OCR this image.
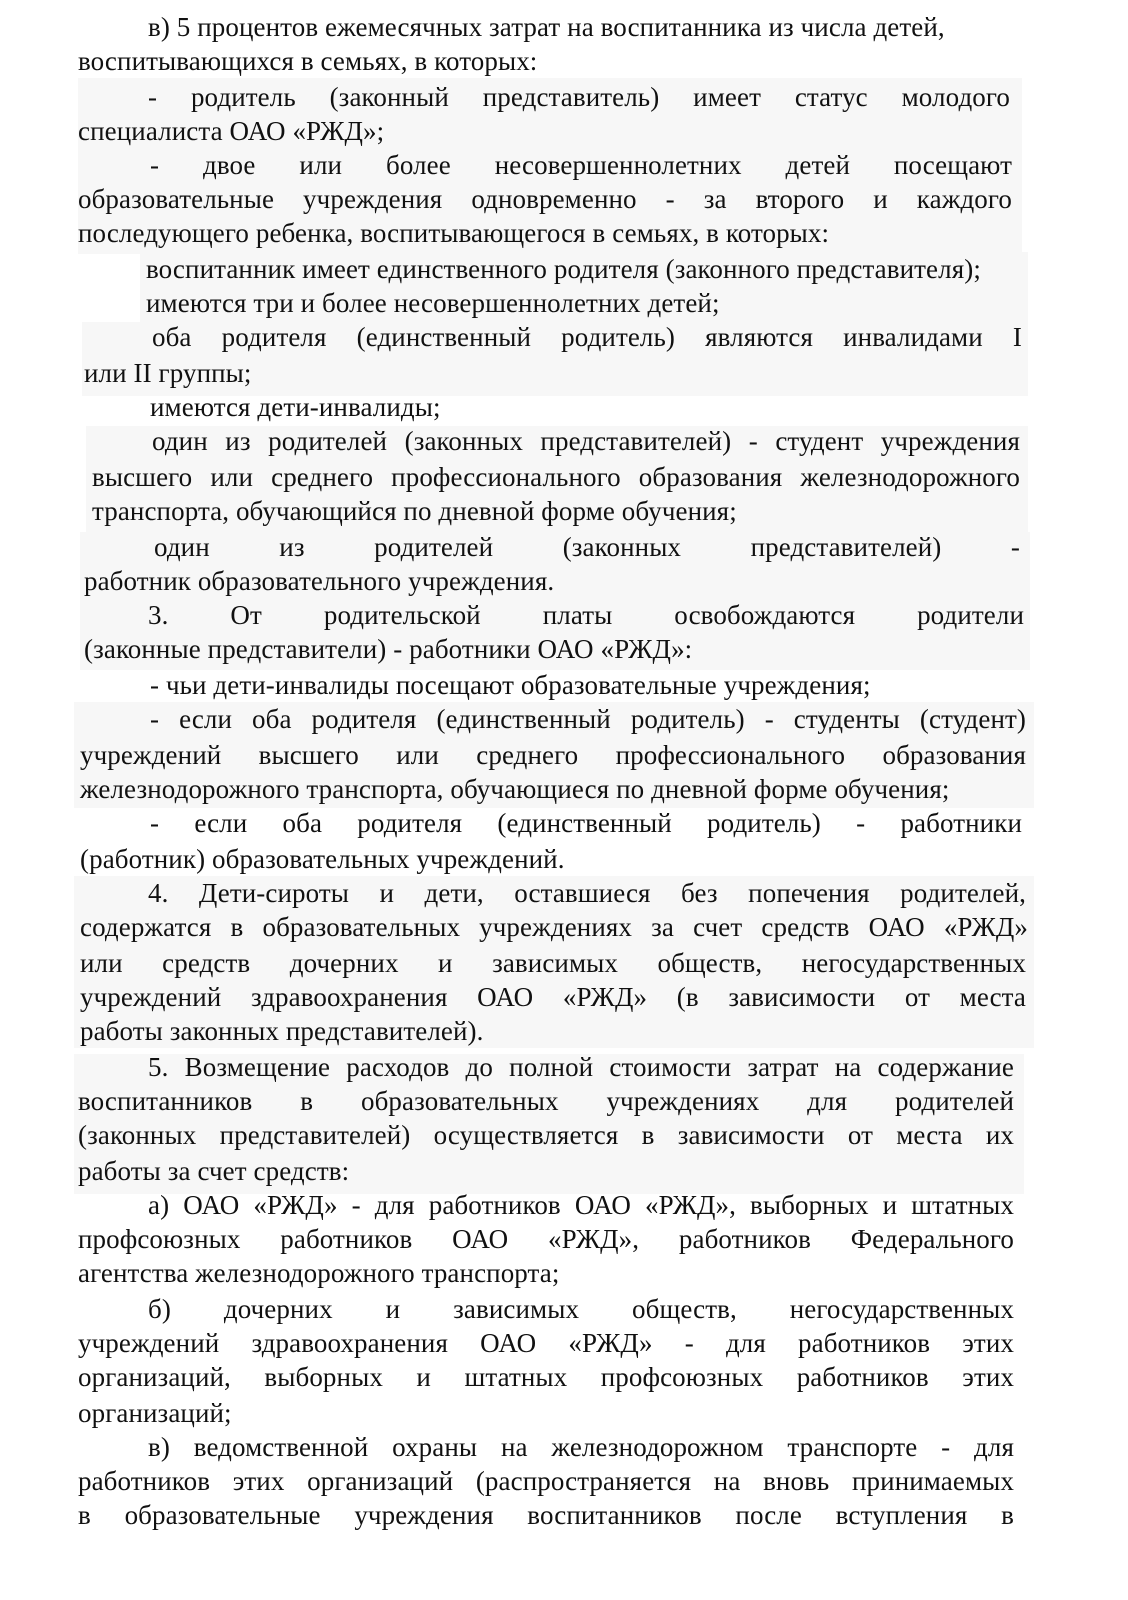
в) 5 процентов ежемесячных затрат на воспитанника из числа детей,
воспитывающихся в семьях, в которых:
- родитель (законный представитель) имеет статус молодого
специалиста ОАО «РЖД»;
- двое или более несовершеннолетних детей посещают
образовательные учреждения одновременно - за второго и каждого
последующего ребенка, воспитывающегося в семьях, в которых:
воспитанник имеет единственного родителя (законного представителя);
имеются три и более несовершеннолетних детей;
оба родителя (единственный родитель) являются инвалидами I
или II группы;
имеются дети-инвалиды;
один из родителей (законных представителей) - студент учреждения
высшего или среднего профессионального образования железнодорожного
транспорта, обучающийся по дневной форме обучения;
один из родителей (законных представителей) -
работник образовательного учреждения.
3. От родительской платы освобождаются родители
(законные представители) - работники ОАО «РЖД»:
- чьи дети-инвалиды посещают образовательные учреждения;
- если оба родителя (единственный родитель) - студенты (студент)
учреждений высшего или среднего профессионального образования
железнодорожного транспорта, обучающиеся по дневной форме обучения;
- если оба родителя (единственный родитель) - работники
(работник) образовательных учреждений.
4. Дети-сироты и дети, оставшиеся без попечения родителей,
содержатся в образовательных учреждениях за счет средств ОАО «РЖД»
или средств дочерних и зависимых обществ, негосударственных
учреждений здравоохранения ОАО «РЖД» (в зависимости от места
работы законных представителей).
5. Возмещение расходов до полной стоимости затрат на содержание
воспитанников в образовательных учреждениях для родителей
(законных представителей) осуществляется в зависимости от места их
работы за счет средств:
а) ОАО «РЖД» - для работников ОАО «РЖД», выборных и штатных
профсоюзных работников ОАО «РЖД», работников Федерального
агентства железнодорожного транспорта;
б) дочерних и зависимых обществ, негосударственных
учреждений здравоохранения ОАО «РЖД» - для работников этих
организаций, выборных и штатных профсоюзных работников этих
организаций;
в) ведомственной охраны на железнодорожном транспорте - для
работников этих организаций (распространяется на вновь принимаемых
в образовательные учреждения воспитанников после вступления в
